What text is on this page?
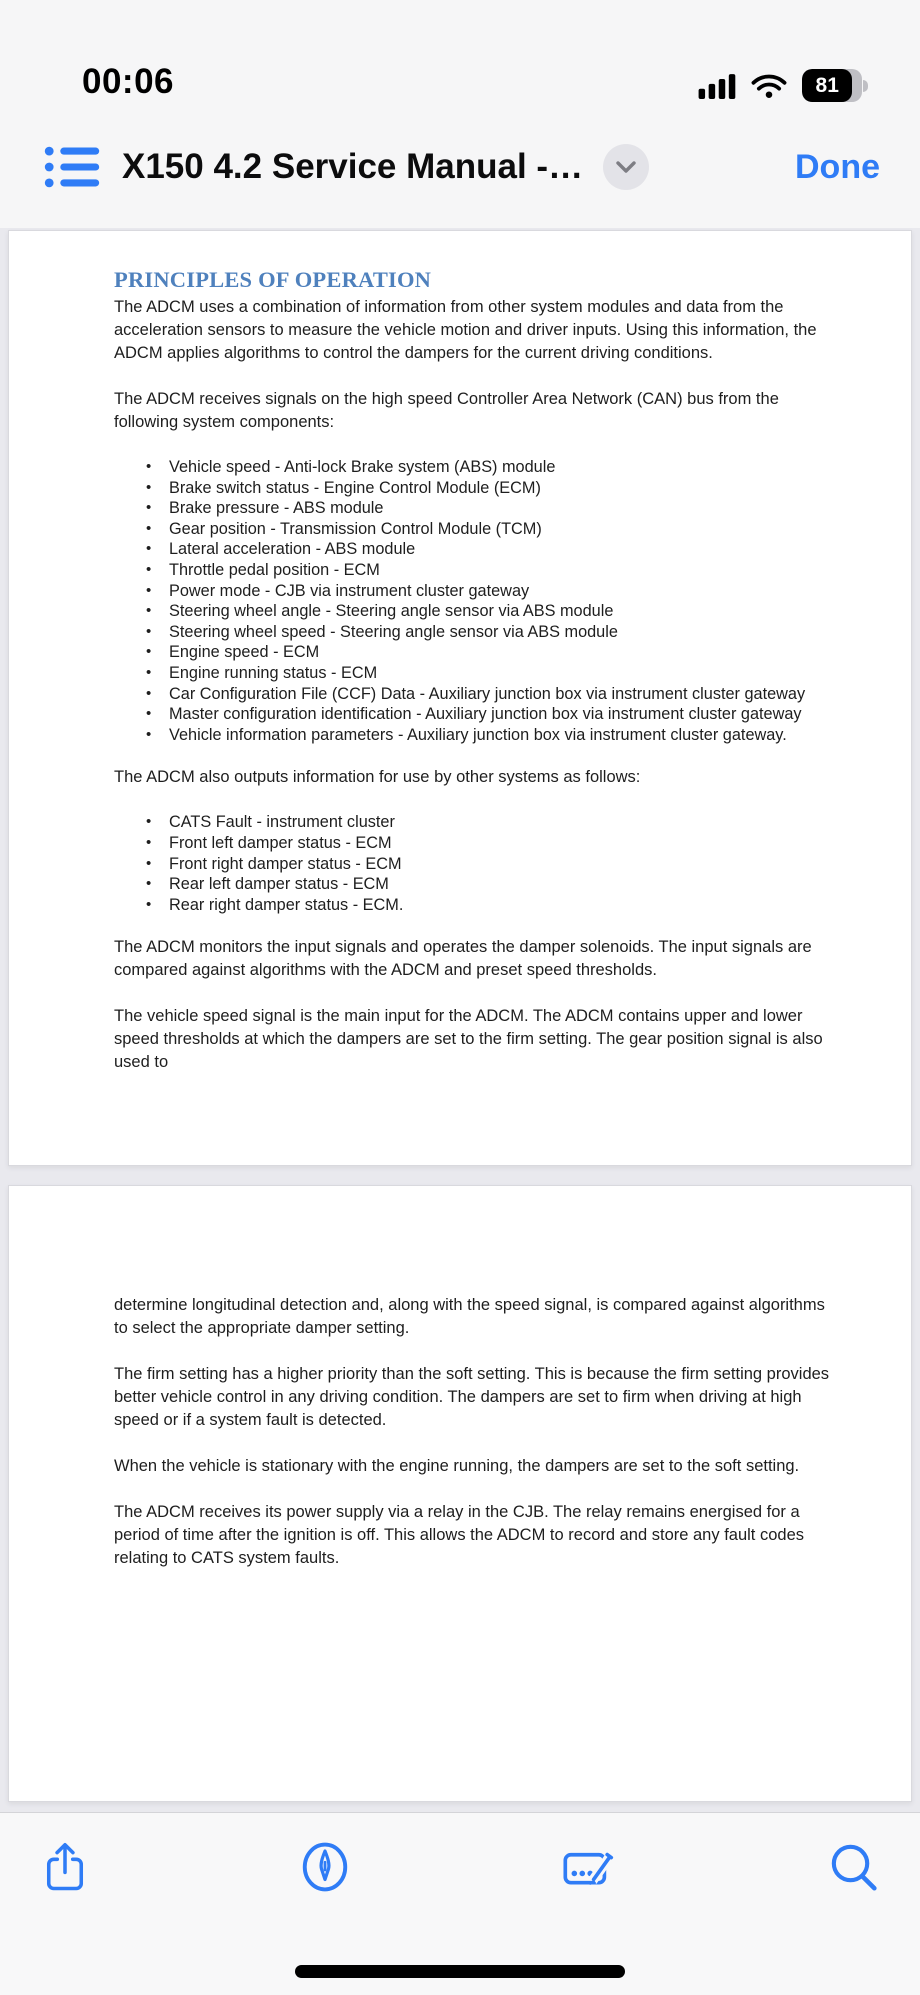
00:06	81
X150 4.2 Service Manual -…	Done
PRINCIPLES OF OPERATION

The ADCM uses a combination of information from other system modules and data from the acceleration sensors to measure the vehicle motion and driver inputs. Using this information, the ADCM applies algorithms to control the dampers for the current driving conditions.

The ADCM receives signals on the high speed Controller Area Network (CAN) bus from the following system components:

• Vehicle speed - Anti-lock Brake system (ABS) module
• Brake switch status - Engine Control Module (ECM)
• Brake pressure - ABS module
• Gear position - Transmission Control Module (TCM)
• Lateral acceleration - ABS module
• Throttle pedal position - ECM
• Power mode - CJB via instrument cluster gateway
• Steering wheel angle - Steering angle sensor via ABS module
• Steering wheel speed - Steering angle sensor via ABS module
• Engine speed - ECM
• Engine running status - ECM
• Car Configuration File (CCF) Data - Auxiliary junction box via instrument cluster gateway
• Master configuration identification - Auxiliary junction box via instrument cluster gateway
• Vehicle information parameters - Auxiliary junction box via instrument cluster gateway.

The ADCM also outputs information for use by other systems as follows:

• CATS Fault - instrument cluster
• Front left damper status - ECM
• Front right damper status - ECM
• Rear left damper status - ECM
• Rear right damper status - ECM.

The ADCM monitors the input signals and operates the damper solenoids. The input signals are compared against algorithms with the ADCM and preset speed thresholds.

The vehicle speed signal is the main input for the ADCM. The ADCM contains upper and lower speed thresholds at which the dampers are set to the firm setting. The gear position signal is also used to

determine longitudinal detection and, along with the speed signal, is compared against algorithms to select the appropriate damper setting.

The firm setting has a higher priority than the soft setting. This is because the firm setting provides better vehicle control in any driving condition. The dampers are set to firm when driving at high speed or if a system fault is detected.

When the vehicle is stationary with the engine running, the dampers are set to the soft setting.

The ADCM receives its power supply via a relay in the CJB. The relay remains energised for a period of time after the ignition is off. This allows the ADCM to record and store any fault codes relating to CATS system faults.
